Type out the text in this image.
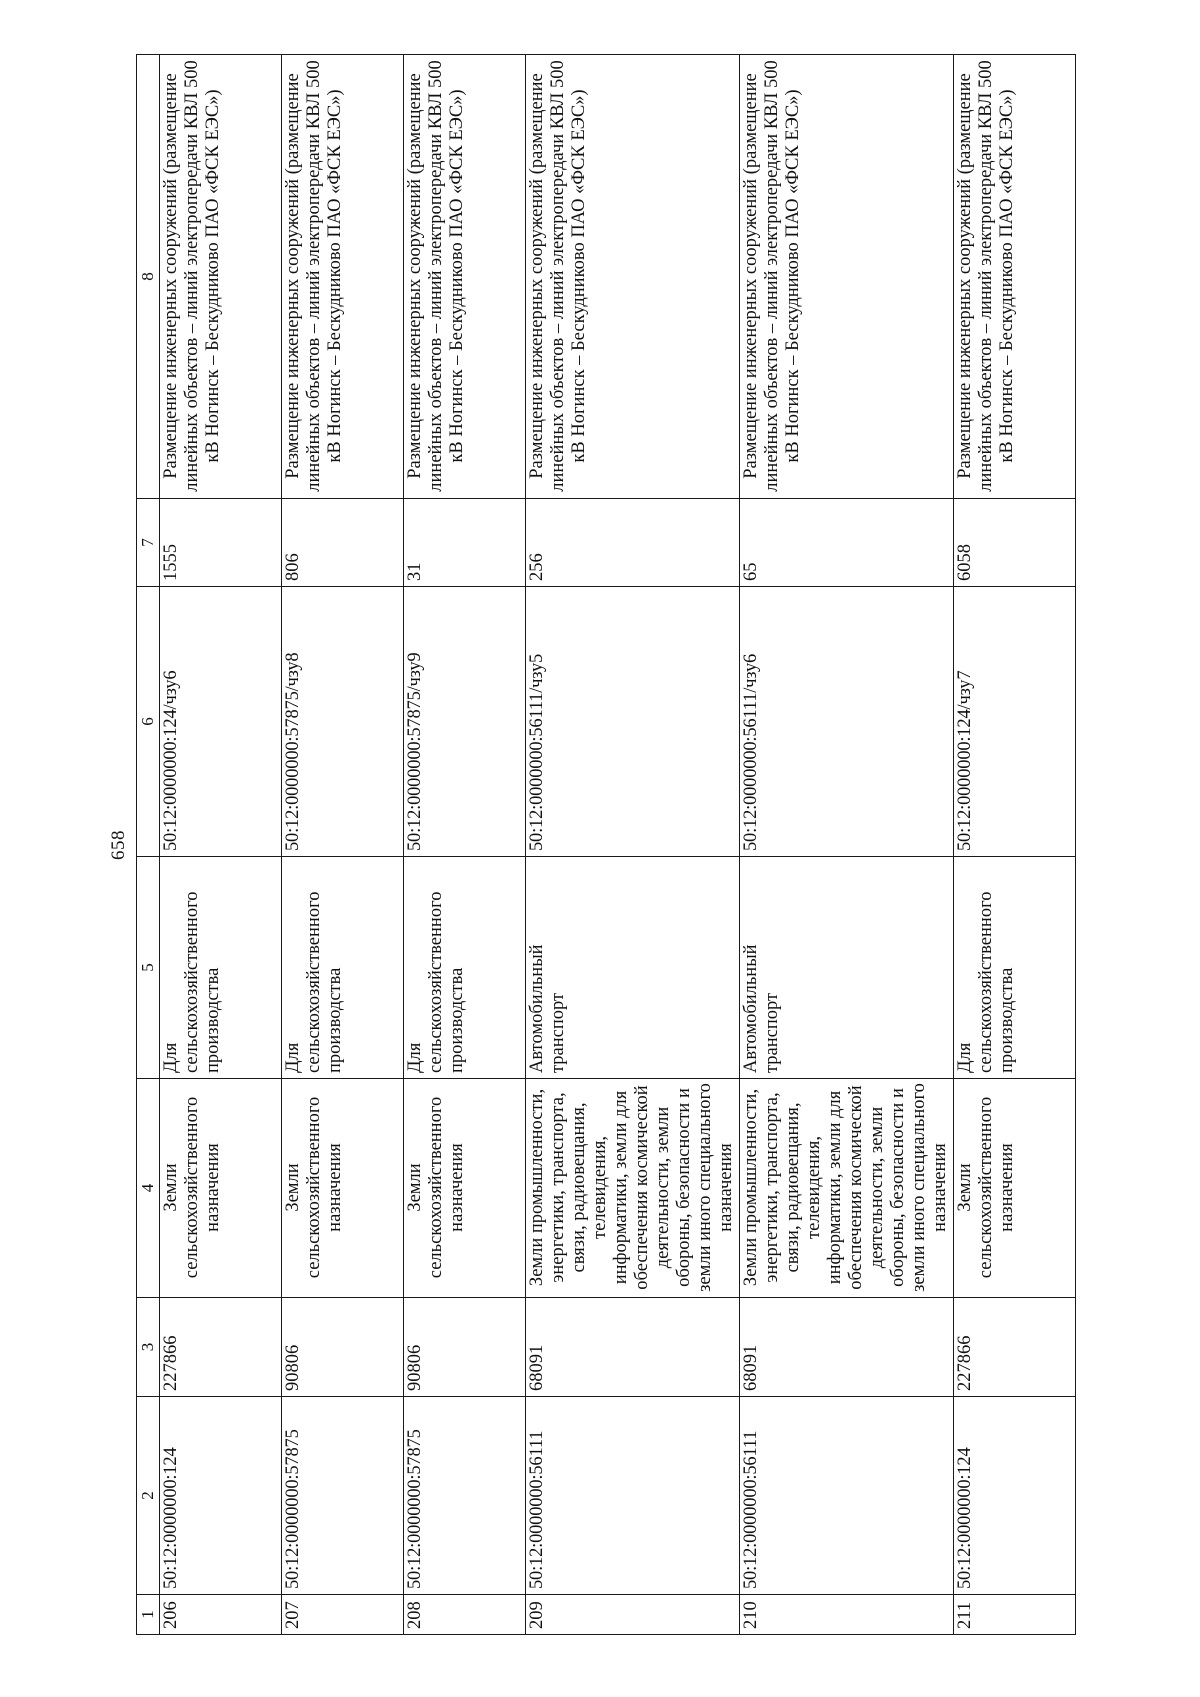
658
1	2	3	4	5	6	7	8
206	50:12:0000000:124	227866	Земли сельскохозяйственного назначения	Для сельскохозяйственного производства	50:12:0000000:124/чзу6	1555	Размещение инженерных сооружений (размещение линейных объектов – линий электропередачи КВЛ 500 кВ Ногинск – Бескудниково ПАО «ФСК ЕЭС»)
207	50:12:0000000:57875	90806	Земли сельскохозяйственного назначения	Для сельскохозяйственного производства	50:12:0000000:57875/чзу8	806	Размещение инженерных сооружений (размещение линейных объектов – линий электропередачи КВЛ 500 кВ Ногинск – Бескудниково ПАО «ФСК ЕЭС»)
208	50:12:0000000:57875	90806	Земли сельскохозяйственного назначения	Для сельскохозяйственного производства	50:12:0000000:57875/чзу9	31	Размещение инженерных сооружений (размещение линейных объектов – линий электропередачи КВЛ 500 кВ Ногинск – Бескудниково ПАО «ФСК ЕЭС»)
209	50:12:0000000:56111	68091	Земли промышленности, энергетики, транспорта, связи, радиовещания, телевидения, информатики, земли для обеспечения космической деятельности, земли обороны, безопасности и земли иного специального назначения	Автомобильный транспорт	50:12:0000000:56111/чзу5	256	Размещение инженерных сооружений (размещение линейных объектов – линий электропередачи КВЛ 500 кВ Ногинск – Бескудниково ПАО «ФСК ЕЭС»)
210	50:12:0000000:56111	68091	Земли промышленности, энергетики, транспорта, связи, радиовещания, телевидения, информатики, земли для обеспечения космической деятельности, земли обороны, безопасности и земли иного специального назначения	Автомобильный транспорт	50:12:0000000:56111/чзу6	65	Размещение инженерных сооружений (размещение линейных объектов – линий электропередачи КВЛ 500 кВ Ногинск – Бескудниково ПАО «ФСК ЕЭС»)
211	50:12:0000000:124	227866	Земли сельскохозяйственного назначения	Для сельскохозяйственного производства	50:12:0000000:124/чзу7	6058	Размещение инженерных сооружений (размещение линейных объектов – линий электропередачи КВЛ 500 кВ Ногинск – Бескудниково ПАО «ФСК ЕЭС»)
